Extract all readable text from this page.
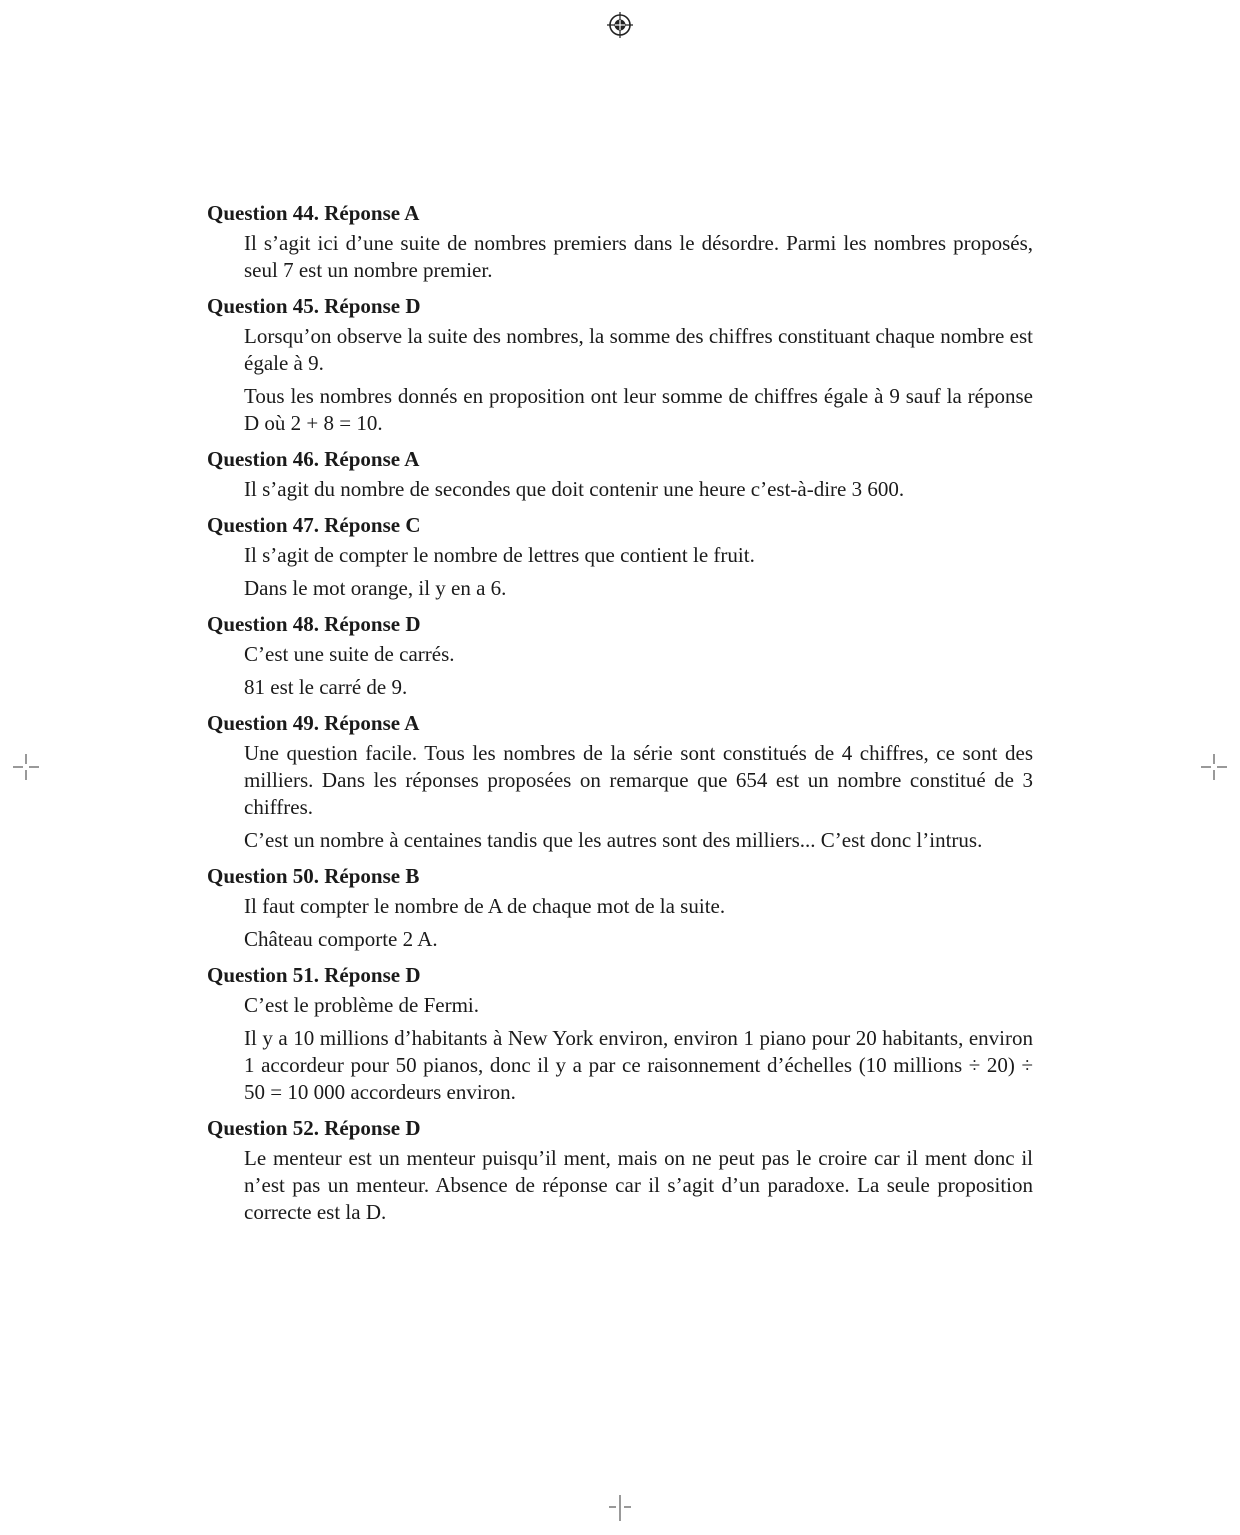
Question 44. Réponse A

Il s’agit ici d’une suite de nombres premiers dans le désordre. Parmi les nombres proposés, seul 7 est un nombre premier.

Question 45. Réponse D

Lorsqu’on observe la suite des nombres, la somme des chiffres constituant chaque nombre est égale à 9.

Tous les nombres donnés en proposition ont leur somme de chiffres égale à 9 sauf la réponse D où 2 + 8 = 10.

Question 46. Réponse A

Il s’agit du nombre de secondes que doit contenir une heure c’est-à-dire 3 600.

Question 47. Réponse C

Il s’agit de compter le nombre de lettres que contient le fruit.

Dans le mot orange, il y en a 6.

Question 48. Réponse D

C’est une suite de carrés.

81 est le carré de 9.

Question 49. Réponse A

Une question facile. Tous les nombres de la série sont constitués de 4 chiffres, ce sont des milliers. Dans les réponses proposées on remarque que 654 est un nombre constitué de 3 chiffres.

C’est un nombre à centaines tandis que les autres sont des milliers... C’est donc l’intrus.

Question 50. Réponse B

Il faut compter le nombre de A de chaque mot de la suite.

Château comporte 2 A.

Question 51. Réponse D

C’est le problème de Fermi.

Il y a 10 millions d’habitants à New York environ, environ 1 piano pour 20 habitants, environ 1 accordeur pour 50 pianos, donc il y a par ce raisonnement d’échelles (10 millions ÷ 20) ÷ 50 = 10 000 accordeurs environ.

Question 52. Réponse D

Le menteur est un menteur puisqu’il ment, mais on ne peut pas le croire car il ment donc il n’est pas un menteur. Absence de réponse car il s’agit d’un paradoxe. La seule proposition correcte est la D.
